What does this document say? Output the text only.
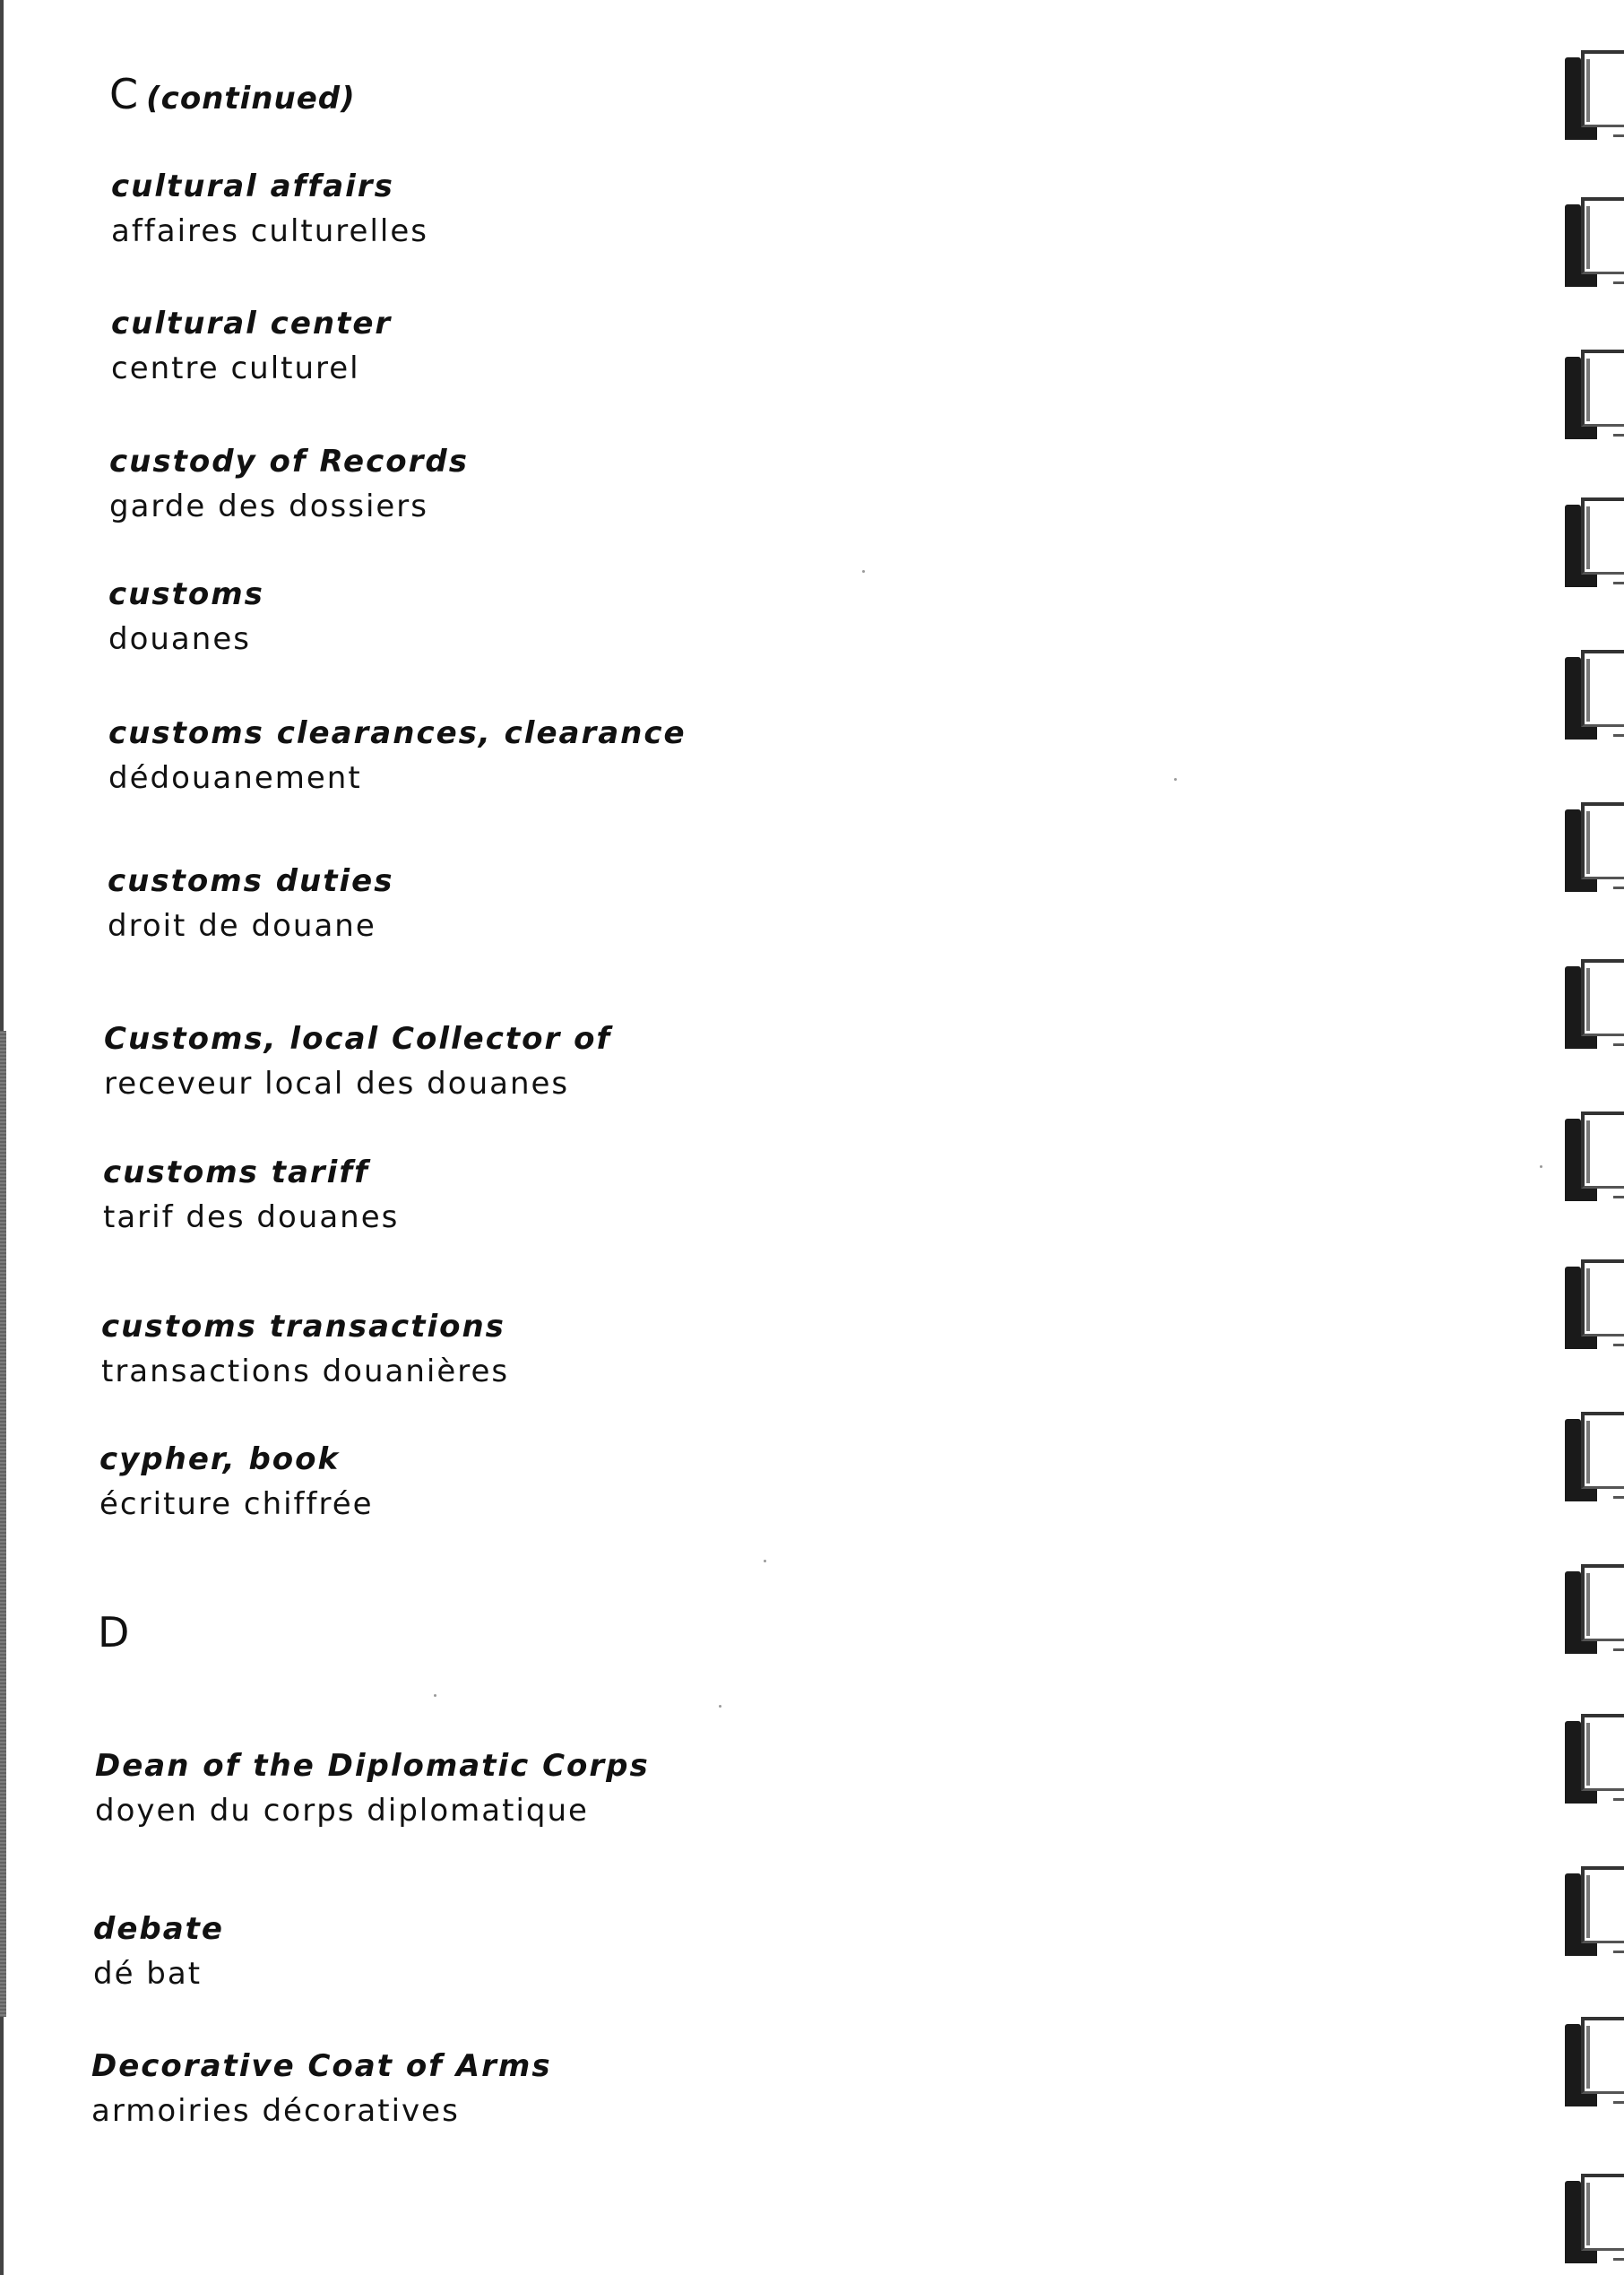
C (continued)
cultural affairs
affaires culturelles
cultural center
centre culturel
custody of Records
garde des dossiers
customs
douanes
customs clearances, clearance
dédouanement
customs duties
droit de douane
Customs, local Collector of
receveur local des douanes
customs tariff
tarif des douanes
customs transactions
transactions douanières
cypher, book
écriture chiffrée
D
Dean of the Diplomatic Corps
doyen du corps diplomatique
debate
dé bat
Decorative Coat of Arms
armoiries décoratives
